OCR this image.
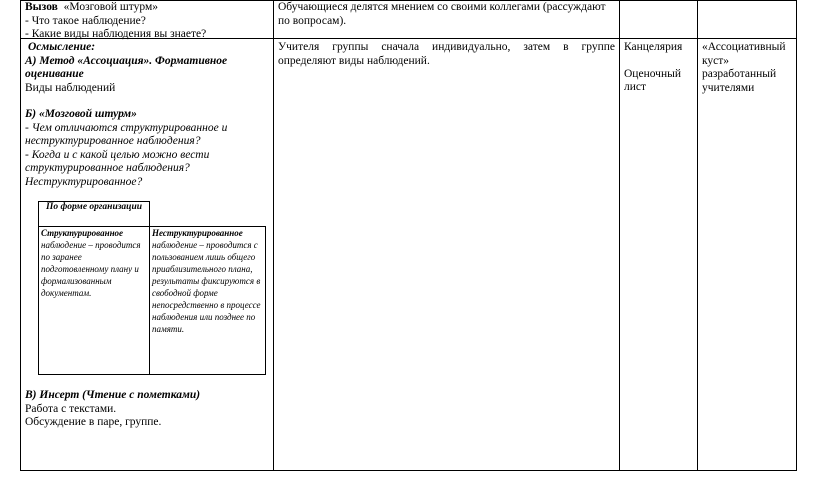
Вызов «Мозговой штурм»
- Что такое наблюдение?
- Какие виды наблюдения вы знаете?
Обучающиеся делятся мнением со своими коллегами (рассуждают по вопросам).
Осмысление:
А) Метод «Ассоциация». Формативное оценивание
Виды наблюдений
Б) «Мозговой штурм»
- Чем отличаются структурированное и неструктурированное наблюдения?
- Когда и с какой целью можно вести структурированное наблюдения? Неструктурированное?
В) Инсерт (Чтение с пометками)
Работа с текстами.
Обсуждение в паре, группе.
По форме организации
Структурированное
наблюдение – проводится по заранее подготовленному плану и формализованным документам.
Неструктурированное
наблюдение – проводится с пользованием лишь общего приаблизительного плана, результаты фиксируются в свободной форме непосредственно в процессе наблюдения или позднее по памяти.
Учителя группы сначала индивидуально, затем в группе определяют виды наблюдений.
Канцелярия
Оценочный лист
«Ассоциативный куст» разработанный учителями
